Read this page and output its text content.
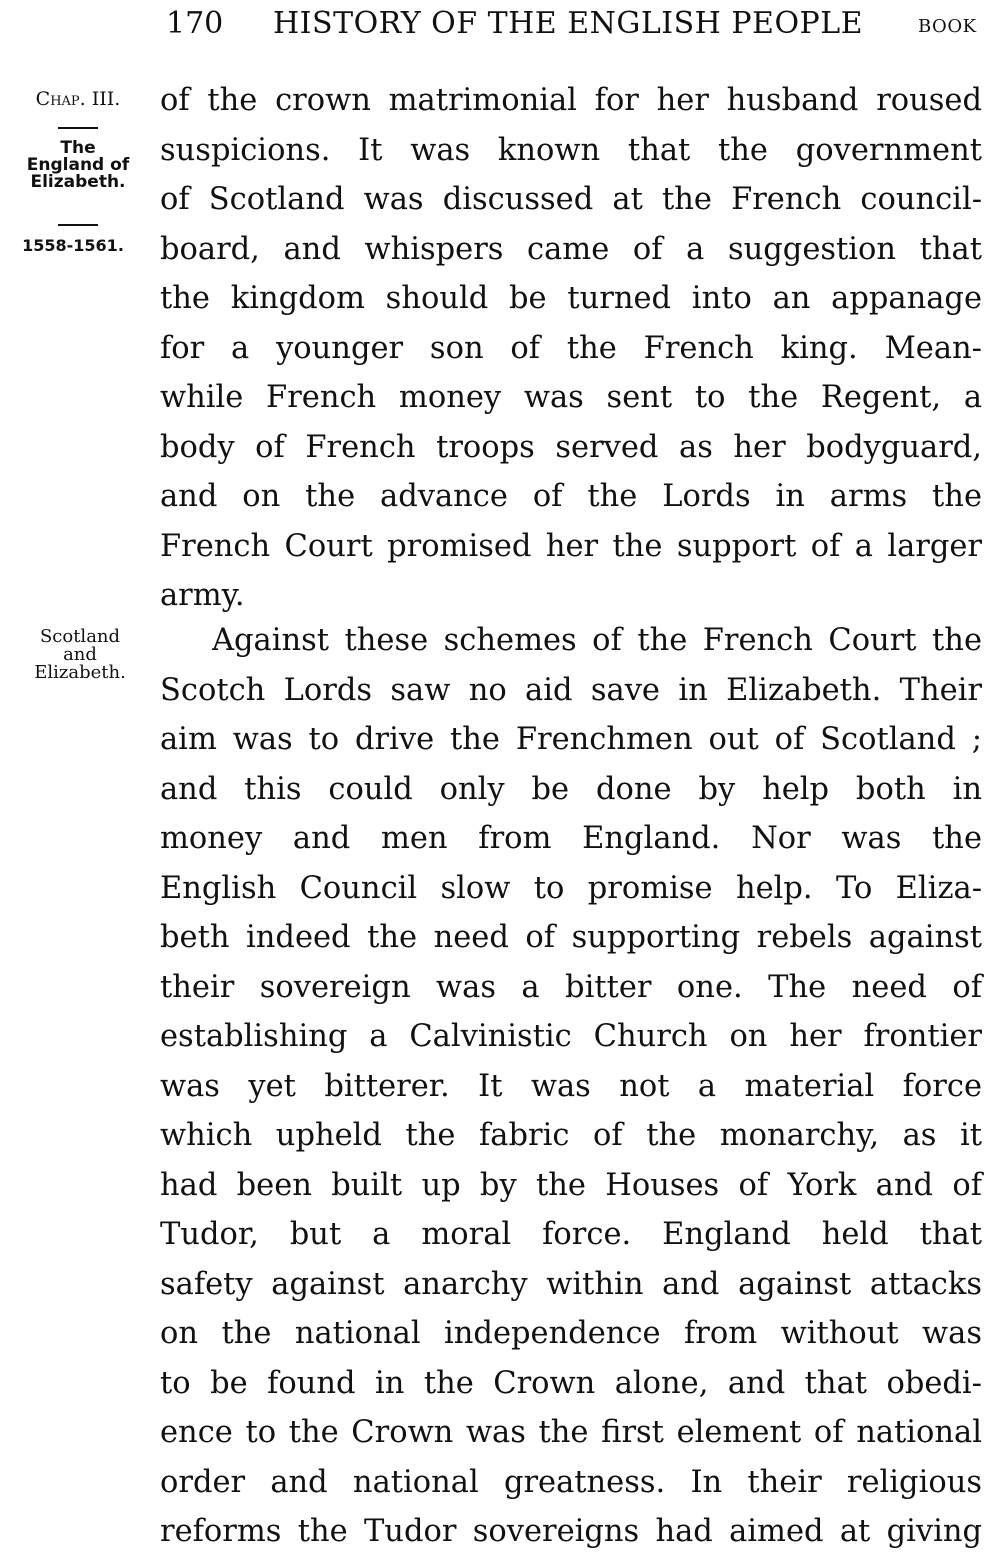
170 HISTORY OF THE ENGLISH PEOPLE	BOOK
Chap. III.
The
England of
Elizabeth.
1558-1561.
Scotland
and
Elizabeth.
of the crown matrimonial for her husband roused
suspicions. It was known that the government
of Scotland was discussed at the French council-
board, and whispers came of a suggestion that
the kingdom should be turned into an appanage
for a younger son of the French king. Mean-
while French money was sent to the Regent, a
body of French troops served as her bodyguard,
and on the advance of the Lords in arms the
French Court promised her the support of a larger
army.
Against these schemes of the French Court the
Scotch Lords saw no aid save in Elizabeth. Their
aim was to drive the Frenchmen out of Scotland ;
and this could only be done by help both in
money and men from England. Nor was the
English Council slow to promise help. To Eliza-
beth indeed the need of supporting rebels against
their sovereign was a bitter one. The need of
establishing a Calvinistic Church on her frontier
was yet bitterer. It was not a material force
which upheld the fabric of the monarchy, as it
had been built up by the Houses of York and of
Tudor, but a moral force. England held that
safety against anarchy within and against attacks
on the national independence from without was
to be found in the Crown alone, and that obedi-
ence to the Crown was the first element of national
order and national greatness. In their religious
reforms the Tudor sovereigns had aimed at giving
